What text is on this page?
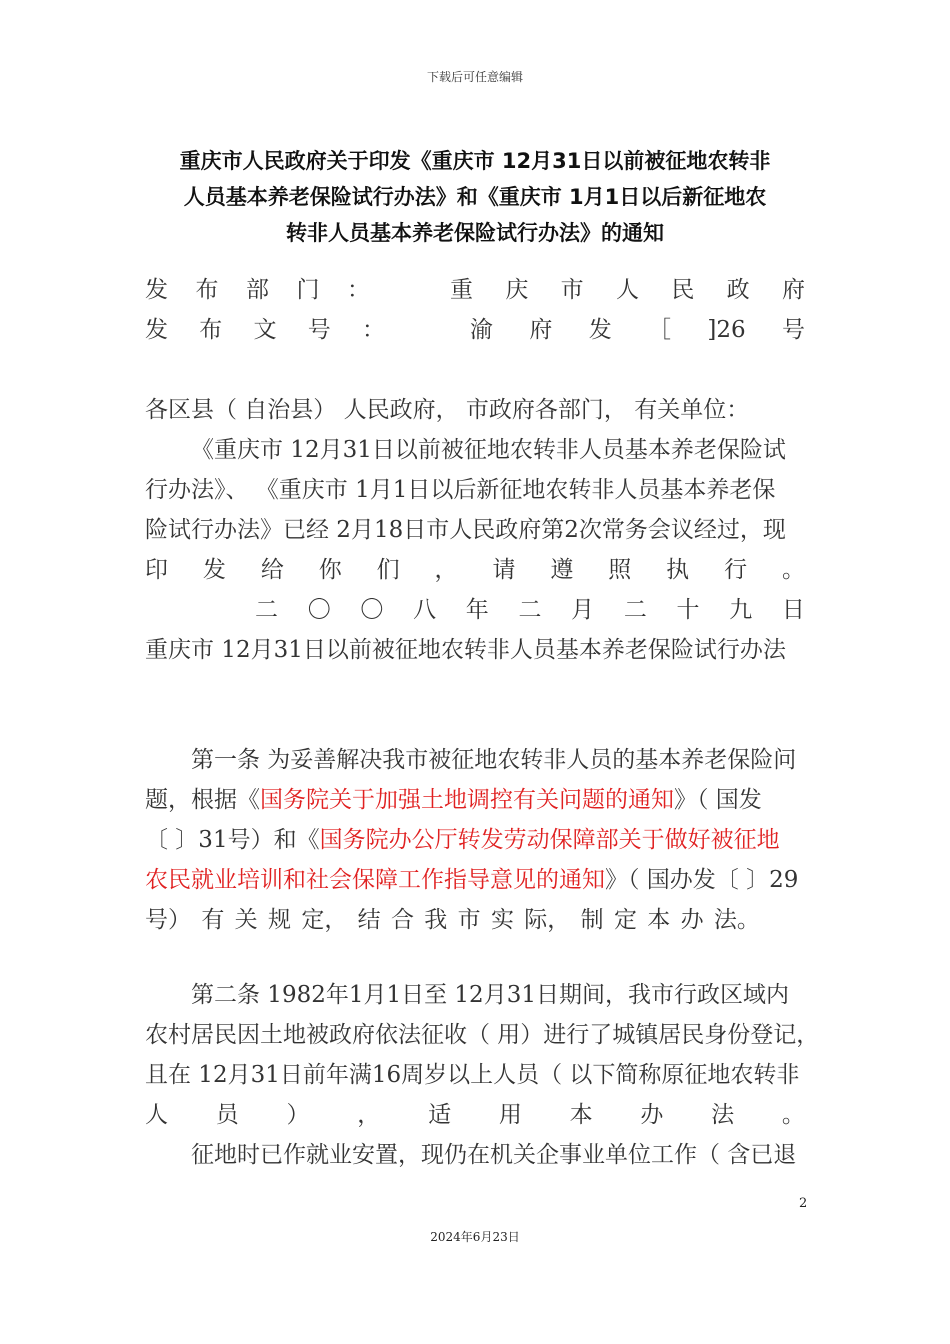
下载后可任意编辑
重庆市人民政府关于印发《重庆市 12月31日以前被征地农转非
人员基本养老保险试行办法》和《重庆市 1月1日以后新征地农
转非人员基本养老保险试行办法》的通知
发 布 部 门 ：	重 庆 市 人 民 政 府
发 布 文 号 ：	渝 府 发 ［ ]26 号
各区县（ 自治县） 人民政府， 市政府各部门， 有关单位：
《重庆市 12月31日以前被征地农转非人员基本养老保险试
行办法》、 《重庆市 1月1日以后新征地农转非人员基本养老保
险试行办法》已经 2月18日市人民政府第2次常务会议经过，现
印 发 给 你 们 ， 请 遵 照 执 行 。
二 〇 〇 八 年 二 月 二 十 九 日
重庆市 12月31日以前被征地农转非人员基本养老保险试行办法
第一条 为妥善解决我市被征地农转非人员的基本养老保险问
题，根据《国务院关于加强土地调控有关问题的通知》（ 国发
〔 〕31号）和《国务院办公厅转发劳动保障部关于做好被征地
农民就业培训和社会保障工作指导意见的通知》（ 国办发〔 〕29
号） 有 关 规 定， 结 合 我 市 实 际， 制 定 本 办 法。
第二条 1982年1月1日至 12月31日期间，我市行政区域内
农村居民因土地被政府依法征收（ 用）进行了城镇居民身份登记，
且在 12月31日前年满16周岁以上人员（ 以下简称原征地农转非
人 员 ） ， 适 用 本 办 法 。
征地时已作就业安置，现仍在机关企事业单位工作（ 含已退
2
2024年6月23日
